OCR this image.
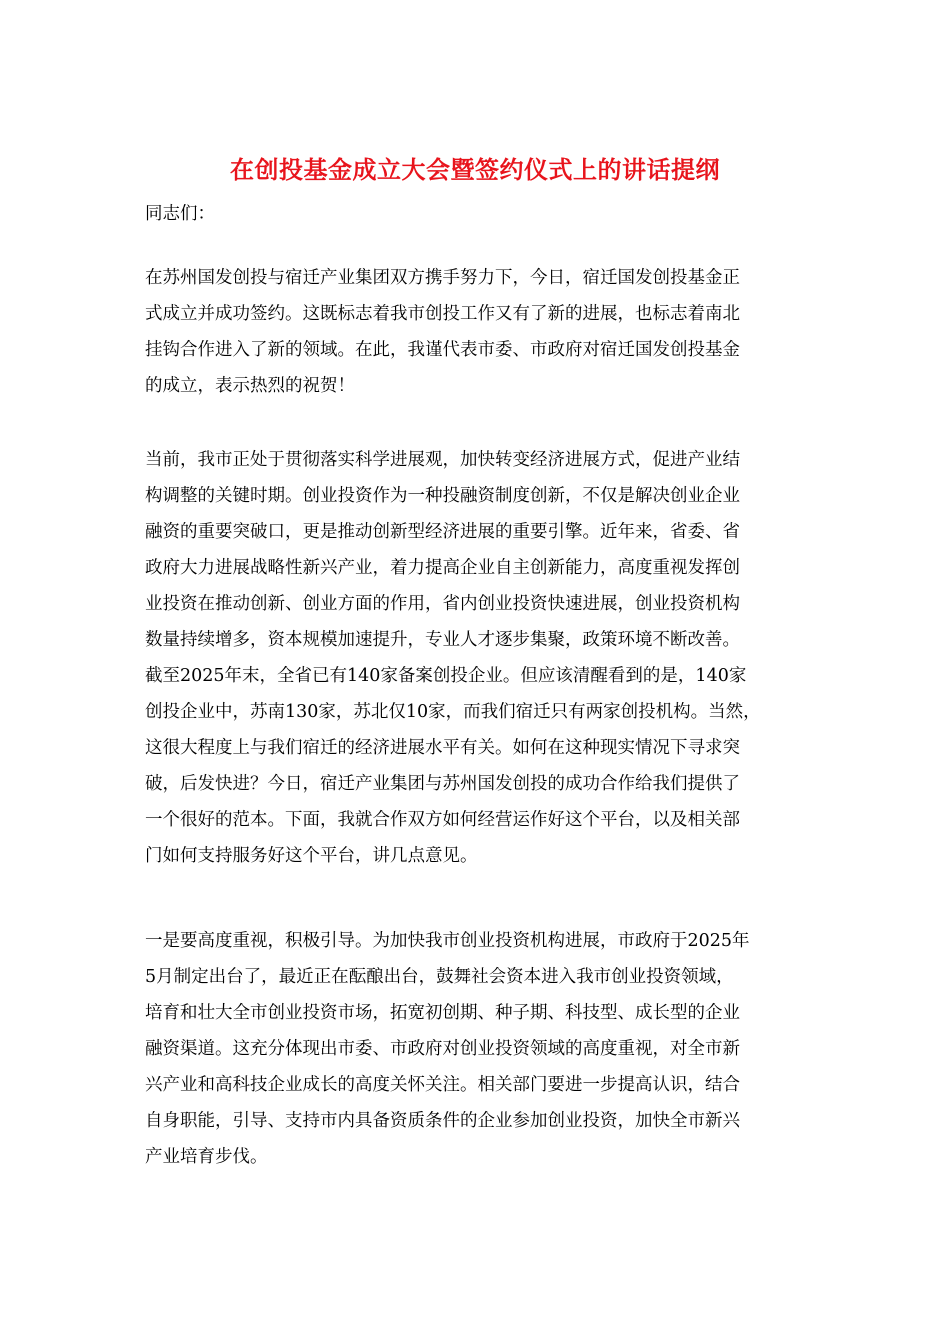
在创投基金成立大会暨签约仪式上的讲话提纲
同志们：
在苏州国发创投与宿迁产业集团双方携手努力下，今日，宿迁国发创投基金正
式成立并成功签约。这既标志着我市创投工作又有了新的进展，也标志着南北
挂钩合作进入了新的领域。在此，我谨代表市委、市政府对宿迁国发创投基金
的成立，表示热烈的祝贺！
当前，我市正处于贯彻落实科学进展观，加快转变经济进展方式，促进产业结
构调整的关键时期。创业投资作为一种投融资制度创新，不仅是解决创业企业
融资的重要突破口，更是推动创新型经济进展的重要引擎。近年来，省委、省
政府大力进展战略性新兴产业，着力提高企业自主创新能力，高度重视发挥创
业投资在推动创新、创业方面的作用，省内创业投资快速进展，创业投资机构
数量持续增多，资本规模加速提升，专业人才逐步集聚，政策环境不断改善。
截至2025年末，全省已有140家备案创投企业。但应该清醒看到的是，140家
创投企业中，苏南130家，苏北仅10家，而我们宿迁只有两家创投机构。当然，
这很大程度上与我们宿迁的经济进展水平有关。如何在这种现实情况下寻求突
破，后发快进？今日，宿迁产业集团与苏州国发创投的成功合作给我们提供了
一个很好的范本。下面，我就合作双方如何经营运作好这个平台，以及相关部
门如何支持服务好这个平台，讲几点意见。
一是要高度重视，积极引导。为加快我市创业投资机构进展，市政府于2025年
5月制定出台了，最近正在酝酿出台，鼓舞社会资本进入我市创业投资领域，
培育和壮大全市创业投资市场，拓宽初创期、种子期、科技型、成长型的企业
融资渠道。这充分体现出市委、市政府对创业投资领域的高度重视，对全市新
兴产业和高科技企业成长的高度关怀关注。相关部门要进一步提高认识，结合
自身职能，引导、支持市内具备资质条件的企业参加创业投资，加快全市新兴
产业培育步伐。
